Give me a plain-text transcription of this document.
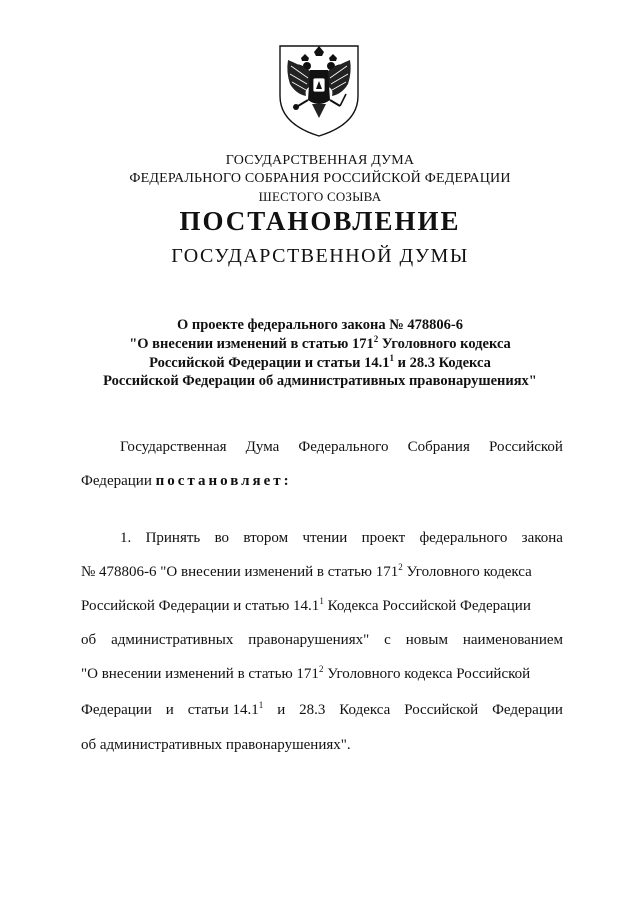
ГОСУДАРСТВЕННАЯ ДУМА
ФЕДЕРАЛЬНОГО СОБРАНИЯ РОССИЙСКОЙ ФЕДЕРАЦИИ
ШЕСТОГО СОЗЫВА
ПОСТАНОВЛЕНИЕ
ГОСУДАРСТВЕННОЙ ДУМЫ
О проекте федерального закона № 478806-6
"О внесении изменений в статью $171^2$ Уголовного кодекса
Российской Федерации и статьи 14.1$^1$ и 28.3 Кодекса
Российской Федерации об административных правонарушениях"
Государственная Дума Федерального Собрания Российской
Федерации постановляет:
1. Принять во втором чтении проект федерального закона
№ 478806-6 "О внесении изменений в статью $171^2$ Уголовного кодекса
Российской Федерации и статью 14.1$^1$ Кодекса Российской Федерации
об административных правонарушениях" с новым наименованием
"О внесении изменений в статью $171^2$ Уголовного кодекса Российской
Федерации и статьи 14.1$^1$ и 28.3 Кодекса Российской Федерации
об административных правонарушениях".
